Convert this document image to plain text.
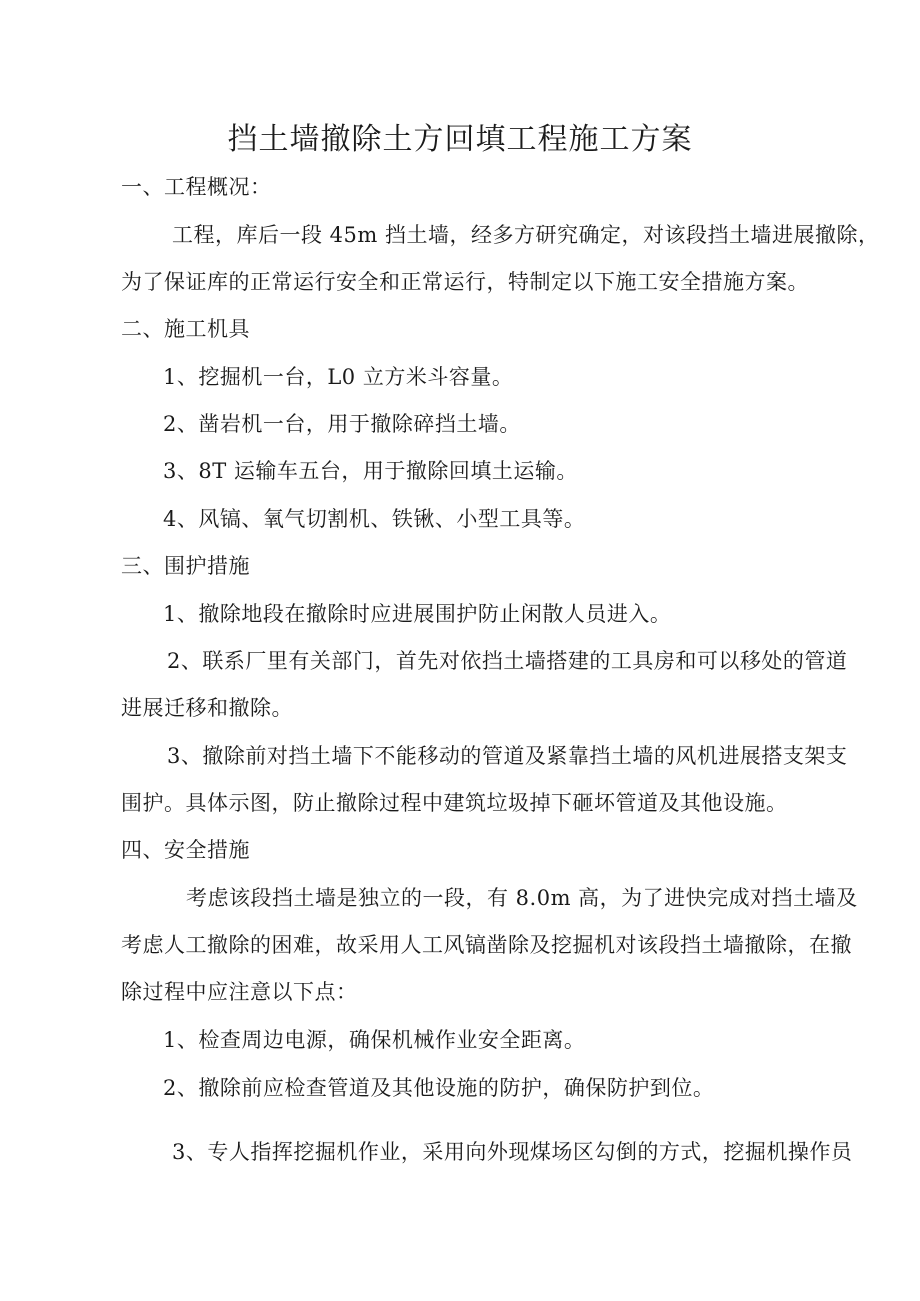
挡土墙撤除土方回填工程施工方案
一、工程概况：
工程，库后一段 45m 挡土墙，经多方研究确定，对该段挡土墙进展撤除，
为了保证库的正常运行安全和正常运行，特制定以下施工安全措施方案。
二、施工机具
1、挖掘机一台，L0 立方米斗容量。
2、凿岩机一台，用于撤除碎挡土墙。
3、8T 运输车五台，用于撤除回填土运输。
4、风镐、氧气切割机、铁锹、小型工具等。
三、围护措施
1、撤除地段在撤除时应进展围护防止闲散人员进入。
2、联系厂里有关部门，首先对依挡土墙搭建的工具房和可以移处的管道
进展迁移和撤除。
3、撤除前对挡土墙下不能移动的管道及紧靠挡土墙的风机进展搭支架支
围护。具体示图，防止撤除过程中建筑垃圾掉下砸坏管道及其他设施。
四、安全措施
考虑该段挡土墙是独立的一段，有 8.0m 高，为了进快完成对挡土墙及
考虑人工撤除的困难，故采用人工风镐凿除及挖掘机对该段挡土墙撤除，在撤
除过程中应注意以下点：
1、检查周边电源，确保机械作业安全距离。
2、撤除前应检查管道及其他设施的防护，确保防护到位。
3、专人指挥挖掘机作业，采用向外现煤场区勾倒的方式，挖掘机操作员
